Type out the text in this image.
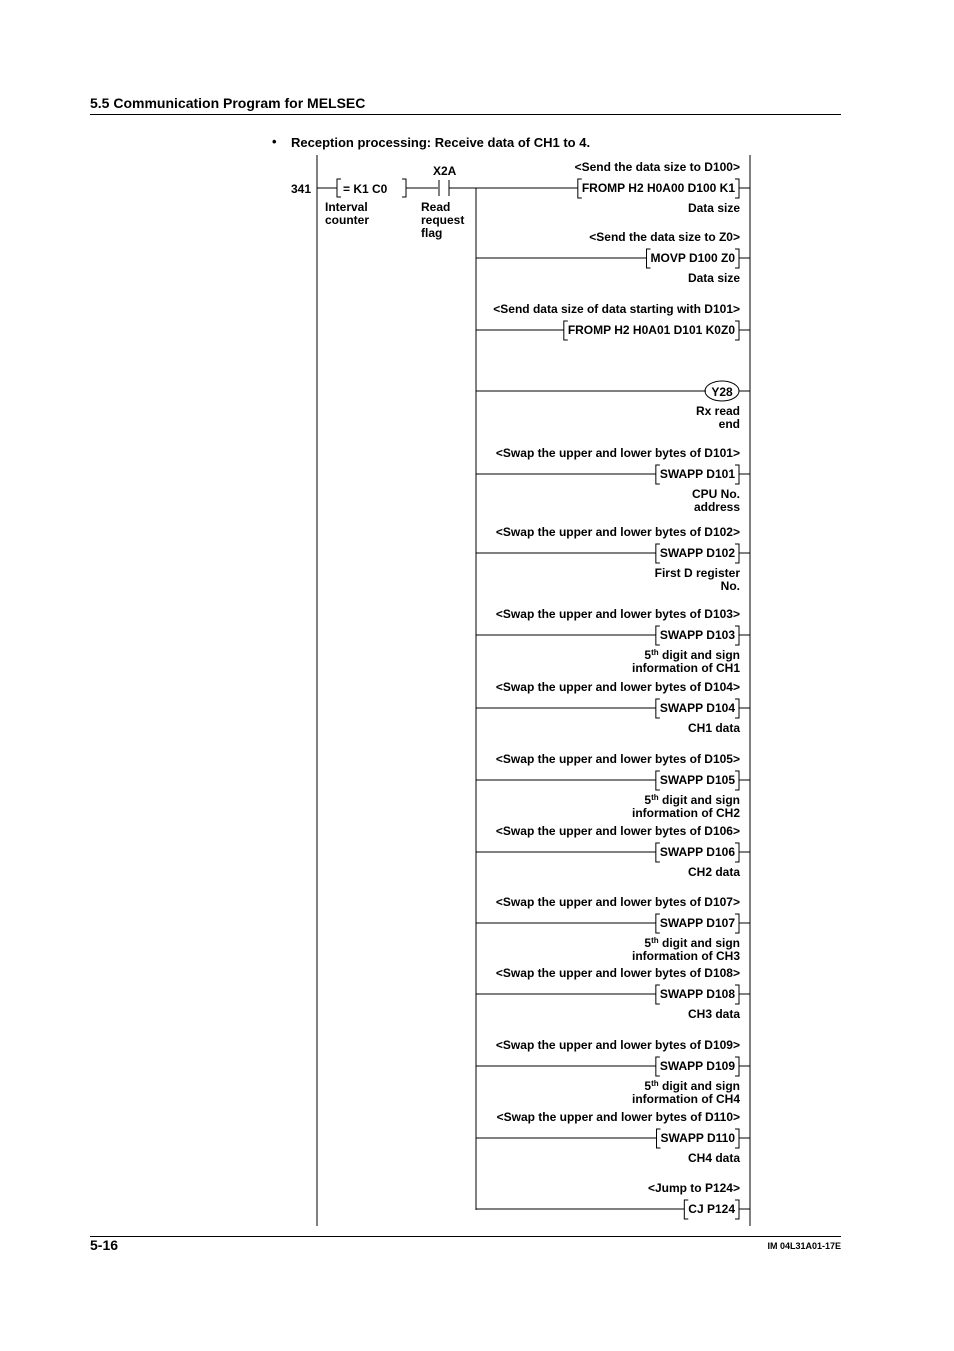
5.5 Communication Program for MELSEC
• Reception processing: Receive data of CH1 to 4.
341	= K1 C0
Interval
counter
X2A
Read
request
flag
<Send the data size to D100>
FROMP H2 H0A00 D100 K1
Data size
<Send the data size to Z0>
MOVP D100 Z0
Data size
<Send data size of data starting with D101>
FROMP H2 H0A01 D101 K0Z0
Y28
Rx read
end
<Swap the upper and lower bytes of D101>
SWAPP D101
CPU No.
address
<Swap the upper and lower bytes of D102>
SWAPP D102
First D register
No.
<Swap the upper and lower bytes of D103>
SWAPP D103
5th digit and sign
information of CH1
<Swap the upper and lower bytes of D104>
SWAPP D104
CH1 data
<Swap the upper and lower bytes of D105>
SWAPP D105
5th digit and sign
information of CH2
<Swap the upper and lower bytes of D106>
SWAPP D106
CH2 data
<Swap the upper and lower bytes of D107>
SWAPP D107
5th digit and sign
information of CH3
<Swap the upper and lower bytes of D108>
SWAPP D108
CH3 data
<Swap the upper and lower bytes of D109>
SWAPP D109
5th digit and sign
information of CH4
<Swap the upper and lower bytes of D110>
SWAPP D110
CH4 data
<Jump to P124>
CJ P124
5-16	IM 04L31A01-17E
